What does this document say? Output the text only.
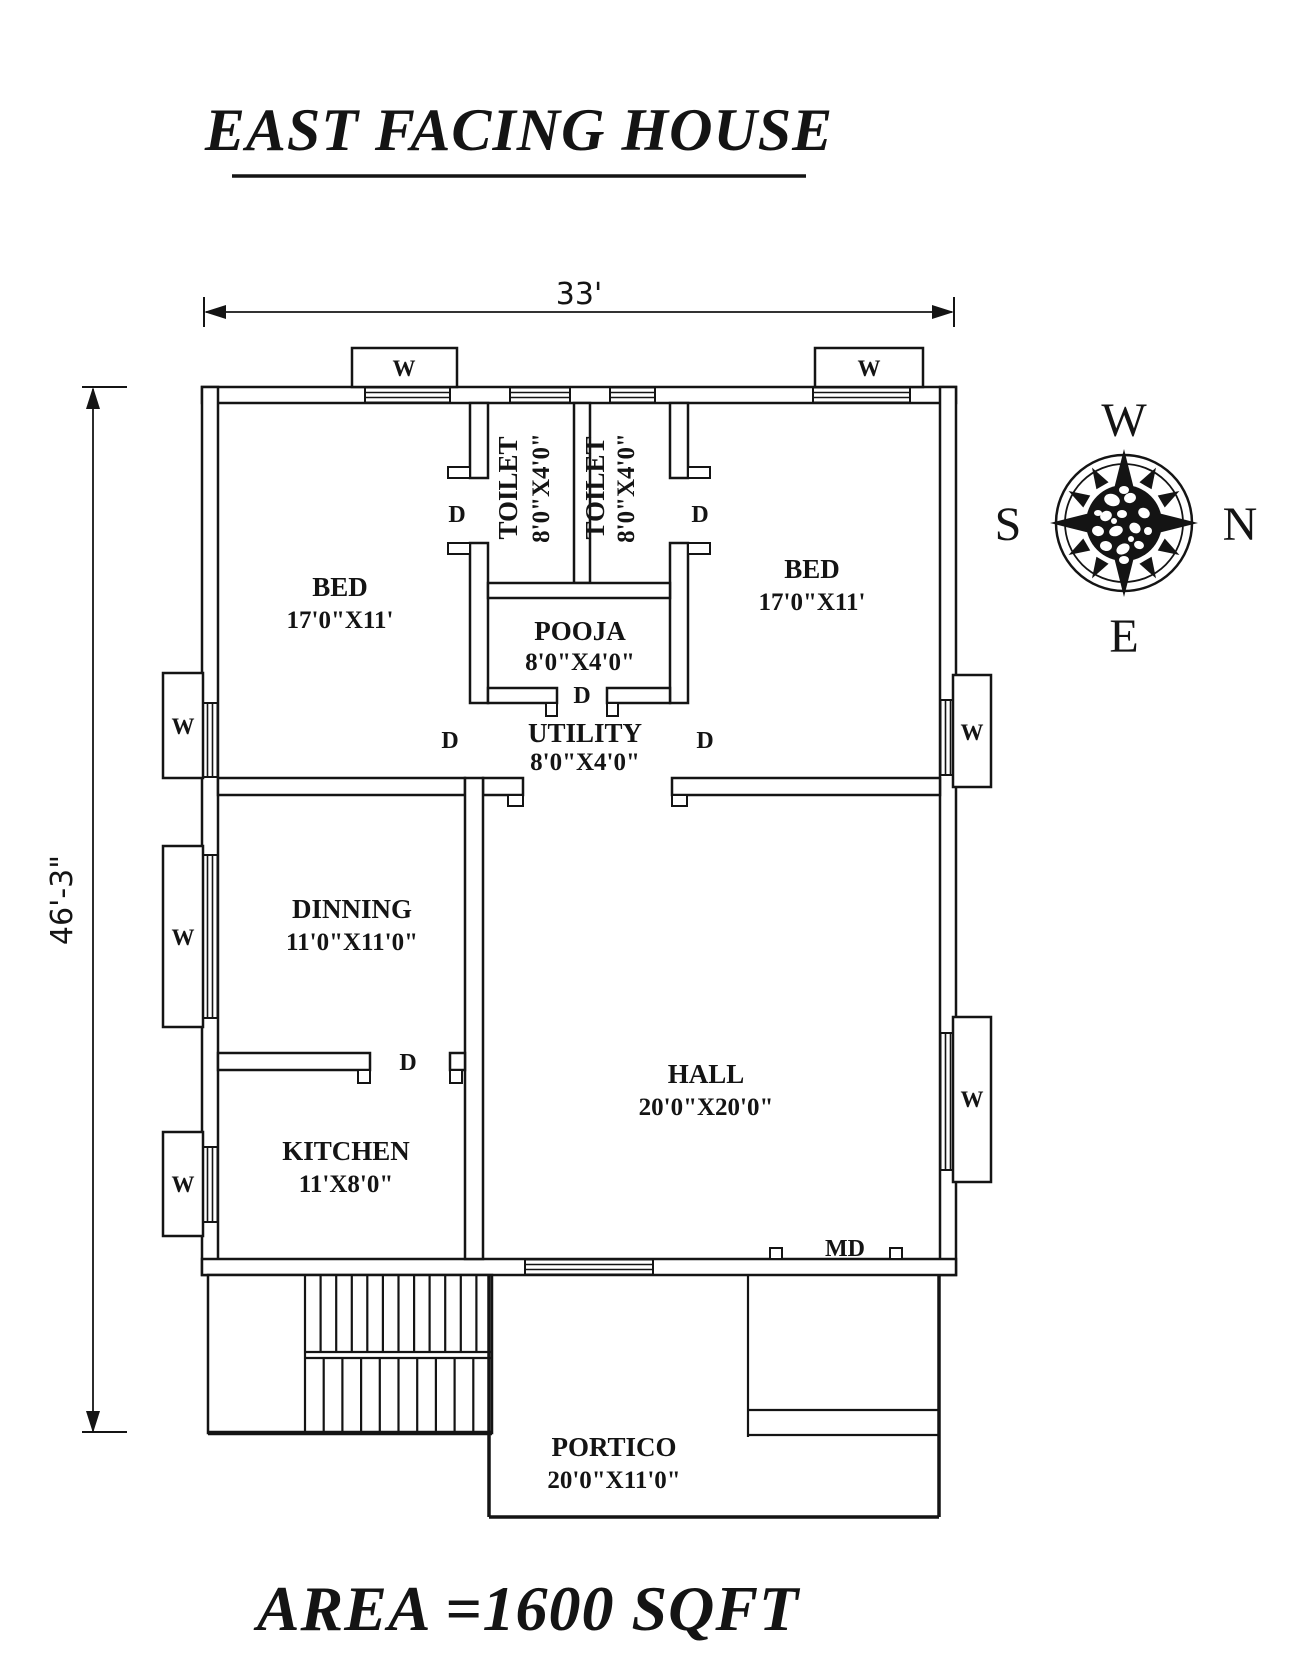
EAST FACING HOUSE
33'
46'-3"
W	W
W
W
W
W
W
BED
17'0"X11'
TOILET 8'0"X4'0" TOILET 8'0"X4'0"
BED
17'0"X11'
POOJA
8'0"X4'0"
UTILITY
8'0"X4'0"
DINNING
11'0"X11'0"
HALL
20'0"X20'0"
KITCHEN
11'X8'0"
PORTICO
20'0"X11'0"
D	D
D
D	D
D
MD
W
S	N
E
AREA =1600 SQFT
